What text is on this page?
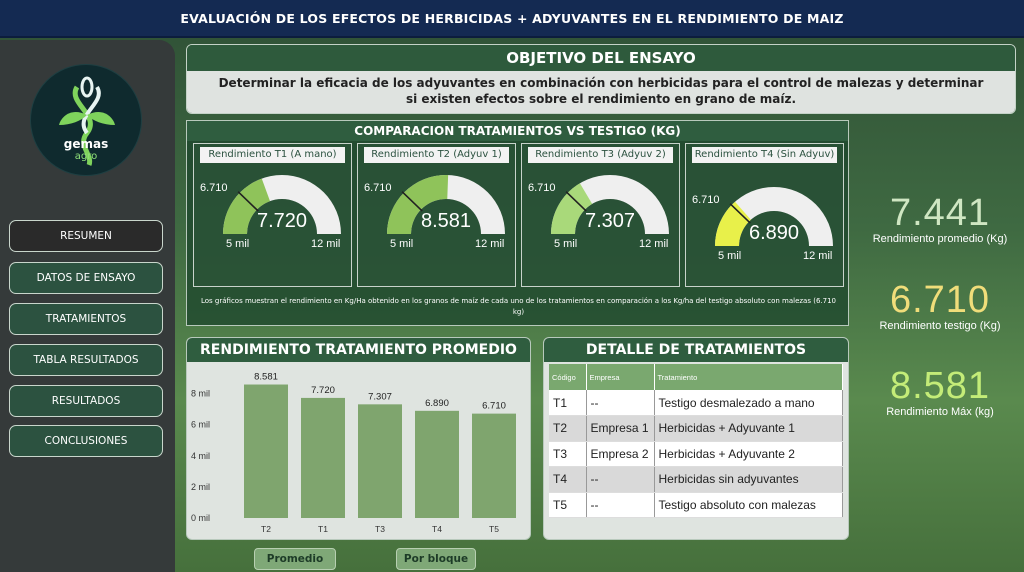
EVALUACIÓN DE LOS EFECTOS DE HERBICIDAS + ADYUVANTES EN EL RENDIMIENTO DE MAIZ
gemas
agro
RESUMEN
DATOS DE ENSAYO
TRATAMIENTOS
TABLA RESULTADOS
RESULTADOS
CONCLUSIONES
OBJETIVO DEL ENSAYO
Determinar la eficacia de los adyuvantes en combinación con herbicidas para el control de malezas y determinar si existen efectos sobre el rendimiento en grano de maíz.
COMPARACION TRATAMIENTOS VS TESTIGO (KG)
Rendimiento T1 (A mano)
6.710
7.720
5 mil	12 mil
Rendimiento T2 (Adyuv 1)
6.710
8.581
5 mil	12 mil
Rendimiento T3 (Adyuv 2)
6.710
7.307
5 mil	12 mil
Rendimiento T4 (Sin Adyuv)
6.710
6.890
5 mil	12 mil
Los gráficos muestran el rendimiento en Kg/Ha obtenido en los granos de maíz de cada uno de los tratamientos en comparación a los Kg/ha del testigo absoluto con malezas (6.710 kg)
RENDIMIENTO TRATAMIENTO PROMEDIO
0 mil
2 mil
4 mil
6 mil
8 mil
8.581
T2
7.720
T1
7.307
T3
6.890
T4
6.710
T5
DETALLE DE TRATAMIENTOS
Código	Empresa	Tratamiento
T1	--	Testigo desmalezado a mano
T2	Empresa 1	Herbicidas + Adyuvante 1
T3	Empresa 2	Herbicidas + Adyuvante 2
T4	--	Herbicidas sin adyuvantes
T5	--	Testigo absoluto con malezas
7.441
Rendimiento promedio (Kg)
6.710
Rendimiento testigo (Kg)
8.581
Rendimiento Máx (kg)
Promedio	Por bloque
